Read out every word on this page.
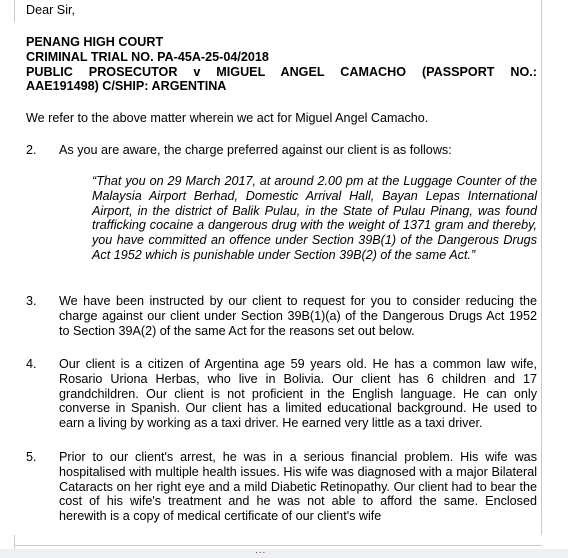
Dear Sir,
PENANG HIGH COURT
CRIMINAL TRIAL NO. PA-45A-25-04/2018
PUBLIC PROSECUTOR v MIGUEL ANGEL CAMACHO (PASSPORT NO.:
AAE191498) C/SHIP: ARGENTINA
We refer to the above matter wherein we act for Miguel Angel Camacho.
2. As you are aware, the charge preferred against our client is as follows:
“That you on 29 March 2017, at around 2.00 pm at the Luggage Counter of the Malaysia Airport Berhad, Domestic Arrival Hall, Bayan Lepas International Airport, in the district of Balik Pulau, in the State of Pulau Pinang, was found trafficking cocaine a dangerous drug with the weight of 1371 gram and thereby, you have committed an offence under Section 39B(1) of the Dangerous Drugs Act 1952 which is punishable under Section 39B(2) of the same Act.”
3. We have been instructed by our client to request for you to consider reducing the charge against our client under Section 39B(1)(a) of the Dangerous Drugs Act 1952 to Section 39A(2) of the same Act for the reasons set out below.
4. Our client is a citizen of Argentina age 59 years old. He has a common law wife, Rosario Uriona Herbas, who live in Bolivia. Our client has 6 children and 17 grandchildren. Our client is not proficient in the English language. He can only converse in Spanish. Our client has a limited educational background. He used to earn a living by working as a taxi driver. He earned very little as a taxi driver.
5. Prior to our client's arrest, he was in a serious financial problem. His wife was hospitalised with multiple health issues. His wife was diagnosed with a major Bilateral Cataracts on her right eye and a mild Diabetic Retinopathy. Our client had to bear the cost of his wife's treatment and he was not able to afford the same. Enclosed herewith is a copy of medical certificate of our client's wife
...
